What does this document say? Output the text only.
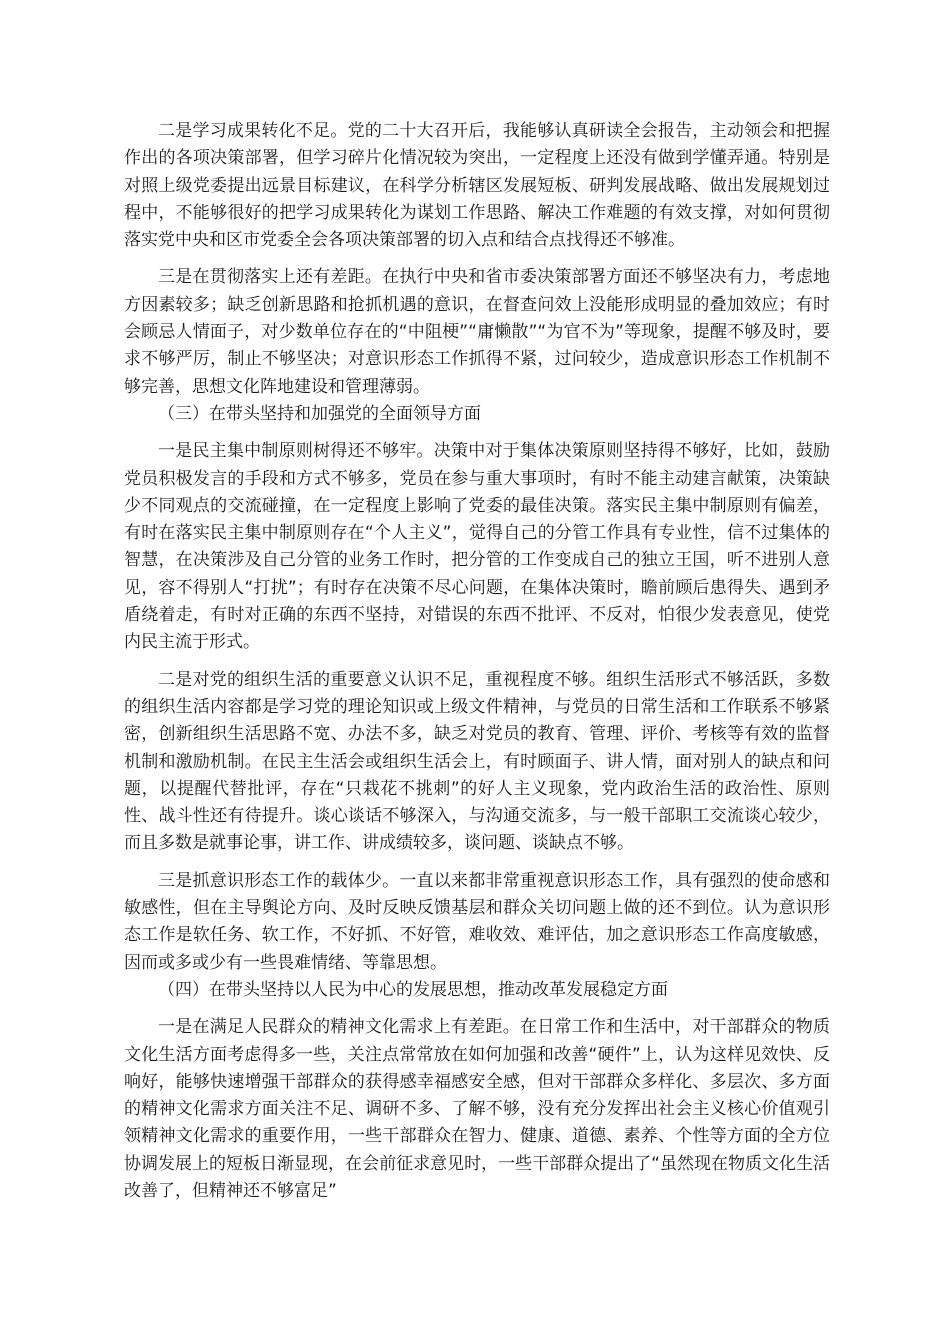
二是学习成果转化不足。党的二十大召开后，我能够认真研读全会报告，主动领会和把握作出的各项决策部署，但学习碎片化情况较为突出，一定程度上还没有做到学懂弄通。特别是对照上级党委提出远景目标建议，在科学分析辖区发展短板、研判发展战略、做出发展规划过程中，不能够很好的把学习成果转化为谋划工作思路、解决工作难题的有效支撑，对如何贯彻落实党中央和区市党委全会各项决策部署的切入点和结合点找得还不够准。

三是在贯彻落实上还有差距。在执行中央和省市委决策部署方面还不够坚决有力，考虑地方因素较多；缺乏创新思路和抢抓机遇的意识，在督查问效上没能形成明显的叠加效应；有时会顾忌人情面子，对少数单位存在的“中阻梗”“庸懒散”“为官不为”等现象，提醒不够及时，要求不够严厉，制止不够坚决；对意识形态工作抓得不紧，过问较少，造成意识形态工作机制不够完善，思想文化阵地建设和管理薄弱。

（三）在带头坚持和加强党的全面领导方面

一是民主集中制原则树得还不够牢。决策中对于集体决策原则坚持得不够好，比如，鼓励党员积极发言的手段和方式不够多，党员在参与重大事项时，有时不能主动建言献策，决策缺少不同观点的交流碰撞，在一定程度上影响了党委的最佳决策。落实民主集中制原则有偏差，有时在落实民主集中制原则存在“个人主义”，觉得自己的分管工作具有专业性，信不过集体的智慧，在决策涉及自己分管的业务工作时，把分管的工作变成自己的独立王国，听不进别人意见，容不得别人“打扰”；有时存在决策不尽心问题，在集体决策时，瞻前顾后患得失、遇到矛盾绕着走，有时对正确的东西不坚持，对错误的东西不批评、不反对，怕很少发表意见，使党内民主流于形式。

二是对党的组织生活的重要意义认识不足，重视程度不够。组织生活形式不够活跃，多数的组织生活内容都是学习党的理论知识或上级文件精神，与党员的日常生活和工作联系不够紧密，创新组织生活思路不宽、办法不多，缺乏对党员的教育、管理、评价、考核等有效的监督机制和激励机制。在民主生活会或组织生活会上，有时顾面子、讲人情，面对别人的缺点和问题，以提醒代替批评，存在“只栽花不挑刺”的好人主义现象，党内政治生活的政治性、原则性、战斗性还有待提升。谈心谈话不够深入，与沟通交流多，与一般干部职工交流谈心较少，而且多数是就事论事，讲工作、讲成绩较多，谈问题、谈缺点不够。

三是抓意识形态工作的载体少。一直以来都非常重视意识形态工作，具有强烈的使命感和敏感性，但在主导舆论方向、及时反映反馈基层和群众关切问题上做的还不到位。认为意识形态工作是软任务、软工作，不好抓、不好管，难收效、难评估，加之意识形态工作高度敏感，因而或多或少有一些畏难情绪、等靠思想。

（四）在带头坚持以人民为中心的发展思想，推动改革发展稳定方面

一是在满足人民群众的精神文化需求上有差距。在日常工作和生活中，对干部群众的物质文化生活方面考虑得多一些，关注点常常放在如何加强和改善“硬件”上，认为这样见效快、反响好，能够快速增强干部群众的获得感幸福感安全感，但对干部群众多样化、多层次、多方面的精神文化需求方面关注不足、调研不多、了解不够，没有充分发挥出社会主义核心价值观引领精神文化需求的重要作用，一些干部群众在智力、健康、道德、素养、个性等方面的全方位协调发展上的短板日渐显现，在会前征求意见时，一些干部群众提出了“虽然现在物质文化生活改善了，但精神还不够富足”
